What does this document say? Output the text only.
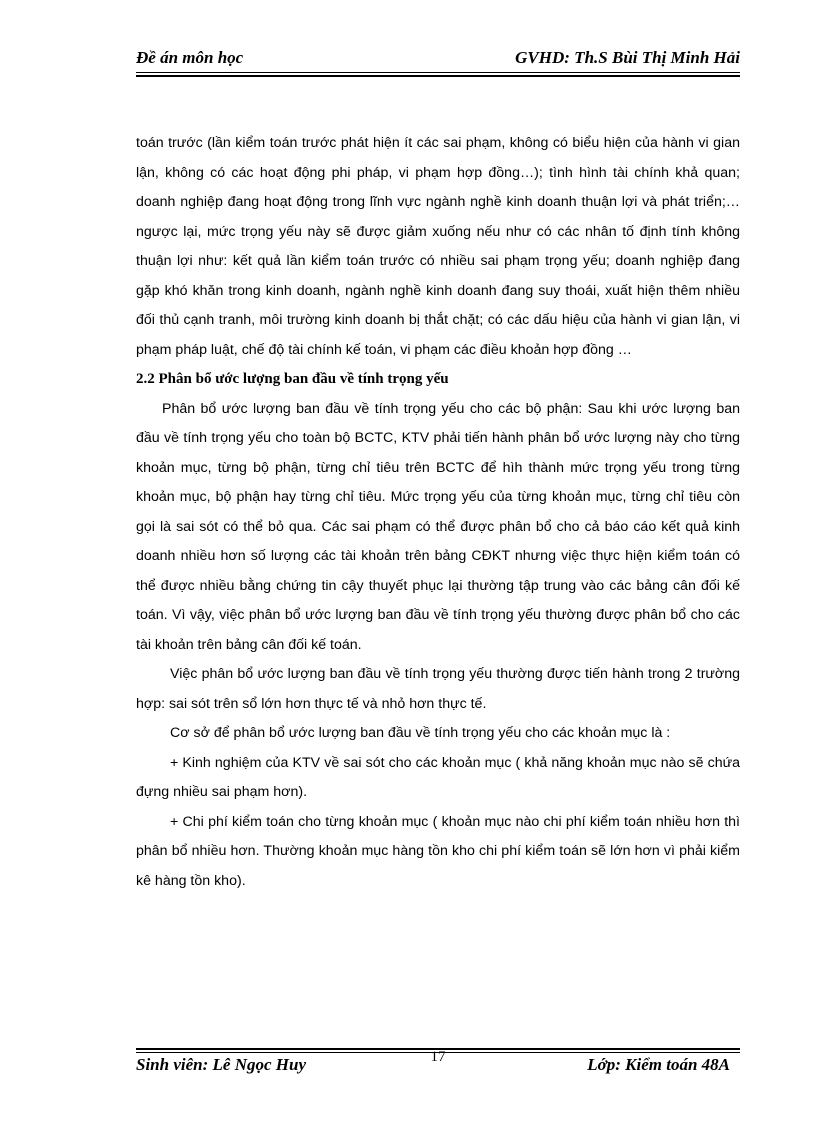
Đề án môn học	GVHD: Th.S Bùi Thị Minh Hải

toán trước (lần kiểm toán trước phát hiện ít các sai phạm, không có biểu hiện của hành vi gian lận, không có các hoạt động phi pháp, vi phạm hợp đồng…); tình hình tài chính khả quan; doanh nghiệp đang hoạt động trong lĩnh vực ngành nghề kinh doanh thuận lợi và phát triển;… ngược lại, mức trọng yếu này sẽ được giảm xuống nếu như có các nhân tố định tính không thuận lợi như: kết quả lần kiểm toán trước có nhiều sai phạm trọng yếu; doanh nghiệp đang gặp khó khăn trong kinh doanh, ngành nghề kinh doanh đang suy thoái, xuất hiện thêm nhiều đối thủ cạnh tranh, môi trường kinh doanh bị thắt chặt; có các dấu hiệu của hành vi gian lận, vi phạm pháp luật, chế độ tài chính kế toán, vi phạm các điều khoản hợp đồng …

2.2 Phân bổ ước lượng ban đầu về tính trọng yếu

Phân bổ ước lượng ban đầu về tính trọng yếu cho các bộ phận: Sau khi ước lượng ban đầu về tính trọng yếu cho toàn bộ BCTC, KTV phải tiến hành phân bổ ước lượng này cho từng khoản mục, từng bộ phận, từng chỉ tiêu trên BCTC để hìh thành mức trọng yếu trong từng khoản mục, bộ phận hay từng chỉ tiêu. Mức trọng yếu của từng khoản mục, từng chỉ tiêu còn gọi là sai sót có thể bỏ qua. Các sai phạm có thể được phân bổ cho cả báo cáo kết quả kinh doanh nhiều hơn số lượng các tài khoản trên bảng CĐKT nhưng việc thực hiện kiểm toán có thể được nhiều bằng chứng tin cậy thuyết phục lại thường tập trung vào các bảng cân đối kế toán. Vì vậy, việc phân bổ ước lượng ban đầu về tính trọng yếu thường được phân bổ cho các tài khoản trên bảng cân đối kế toán.

Việc phân bổ ước lượng ban đầu về tính trọng yếu thường được tiến hành trong 2 trường hợp: sai sót trên sổ lớn hơn thực tế và nhỏ hơn thực tế.

Cơ sở để phân bổ ước lượng ban đầu về tính trọng yếu cho các khoản mục là :

+ Kinh nghiệm của KTV về sai sót cho các khoản mục ( khả năng khoản mục nào sẽ chứa đựng nhiều sai phạm hơn).

+ Chi phí kiểm toán cho từng khoản mục ( khoản mục nào chi phí kiểm toán nhiều hơn thì phân bổ nhiều hơn. Thường khoản mục hàng tồn kho chi phí kiểm toán sẽ lớn hơn vì phải kiểm kê hàng tồn kho).

Sinh viên: Lê Ngọc Huy	17	Lớp: Kiểm toán 48A
